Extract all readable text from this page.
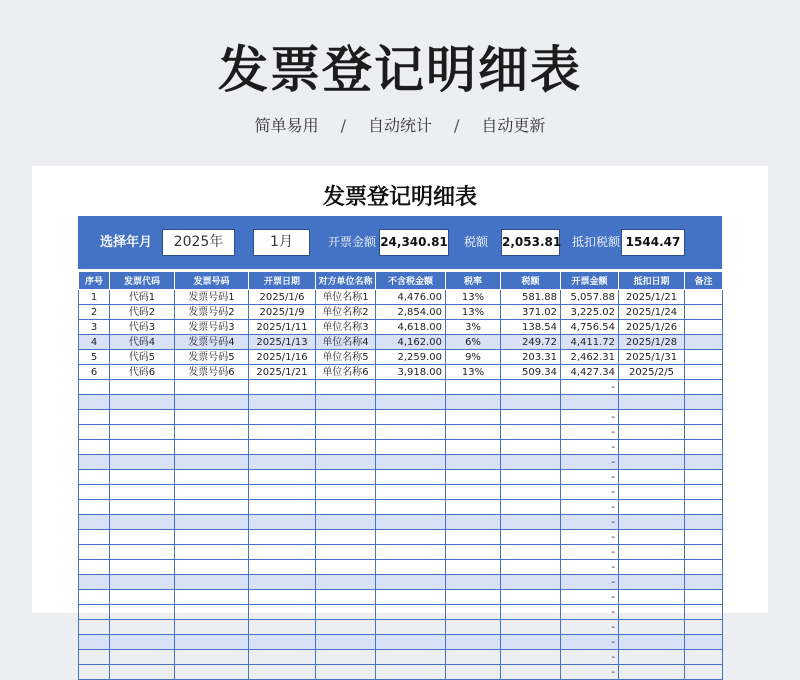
发票登记明细表
简单易用 / 自动统计 / 自动更新
发票登记明细表
选择年月	2025年	1月	开票金额 24,340.81 税额 2,053.81 抵扣税额 1544.47
序号	发票代码	发票号码	开票日期	对方单位名称	不含税金额	税率	税额	开票金额	抵扣日期	备注
1	代码1	发票号码1	2025/1/6	单位名称1	4,476.00	13%	581.88	5,057.88	2025/1/21	
2	代码2	发票号码2	2025/1/9	单位名称2	2,854.00	13%	371.02	3,225.02	2025/1/24	
3	代码3	发票号码3	2025/1/11	单位名称3	4,618.00	3%	138.54	4,756.54	2025/1/26	
4	代码4	发票号码4	2025/1/13	单位名称4	4,162.00	6%	249.72	4,411.72	2025/1/28	
5	代码5	发票号码5	2025/1/16	单位名称5	2,259.00	9%	203.31	2,462.31	2025/1/31	
6	代码6	发票号码6	2025/1/21	单位名称6	3,918.00	13%	509.34	4,427.34	2025/2/5	
								-		

								-		
								-		
								-		
								-		
								-		
								-		
								-		
								-		
								-		
								-		
								-		
								-		
								-		
								-		
								-		
								-		
								-		
								-		
